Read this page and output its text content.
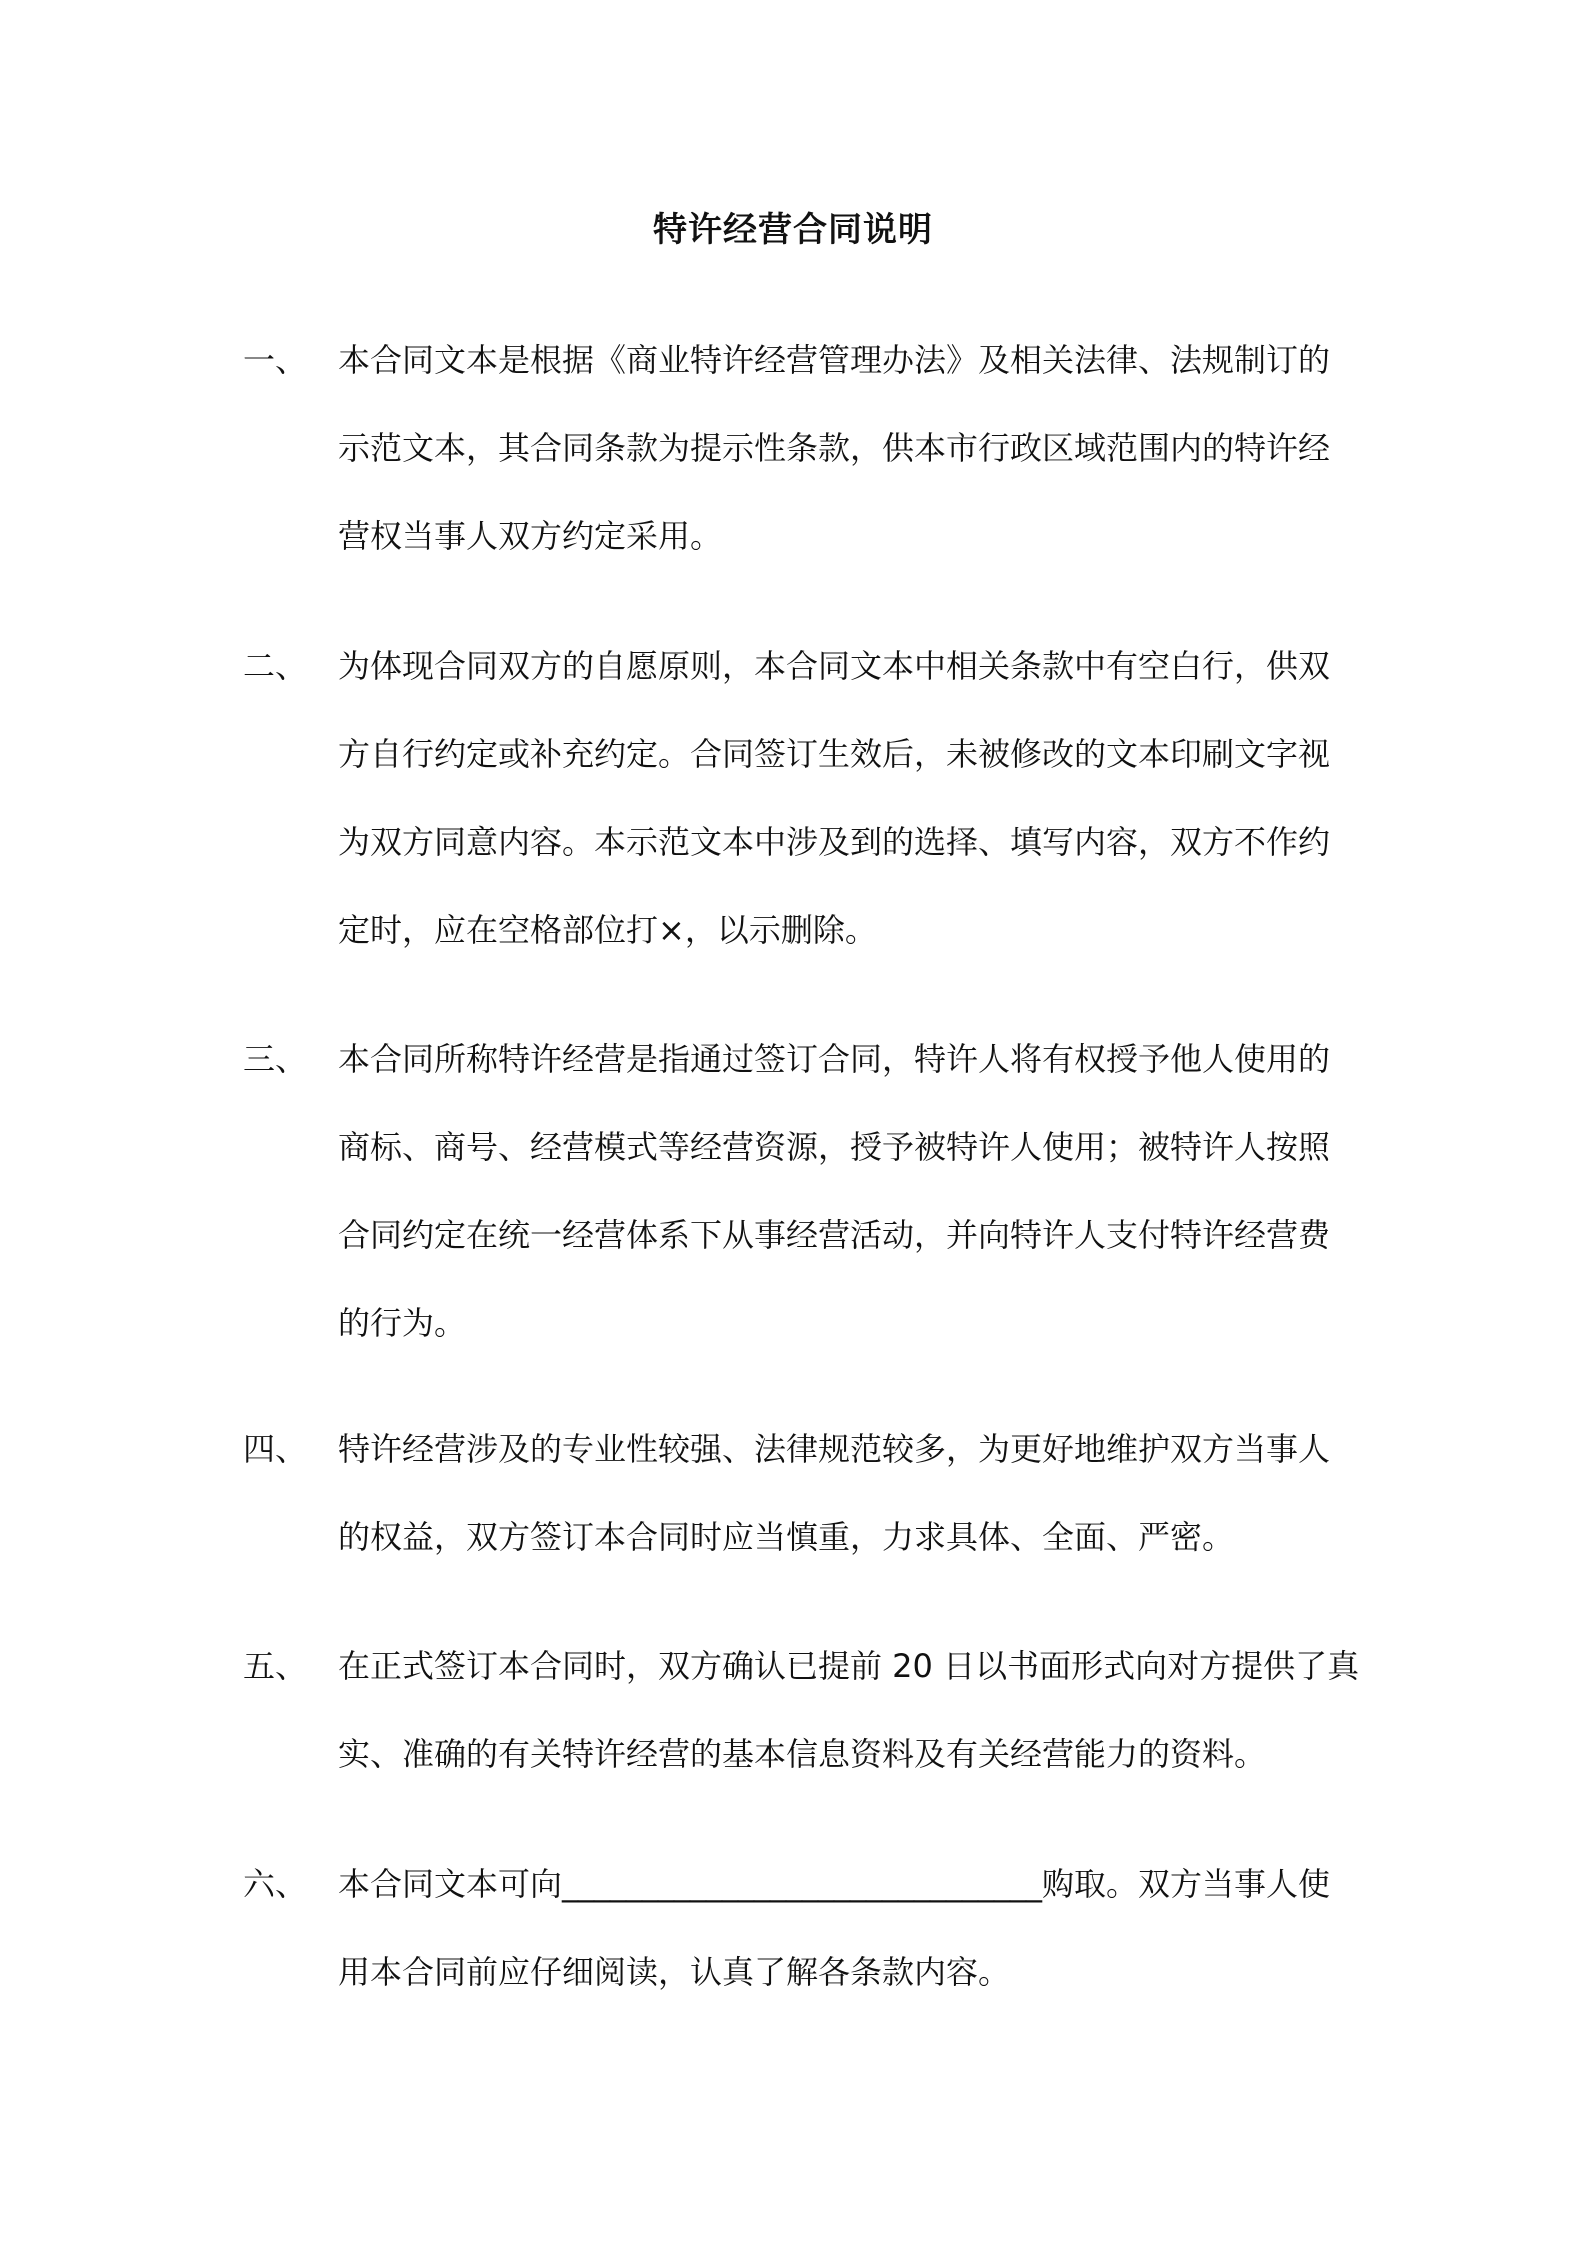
特许经营合同说明
一、 本合同文本是根据《商业特许经营管理办法》及相关法律、法规制订的
示范文本，其合同条款为提示性条款，供本市行政区域范围内的特许经
营权当事人双方约定采用。
二、 为体现合同双方的自愿原则，本合同文本中相关条款中有空白行，供双
方自行约定或补充约定。合同签订生效后，未被修改的文本印刷文字视
为双方同意内容。本示范文本中涉及到的选择、填写内容，双方不作约
定时，应在空格部位打×，以示删除。
三、 本合同所称特许经营是指通过签订合同，特许人将有权授予他人使用的
商标、商号、经营模式等经营资源，授予被特许人使用；被特许人按照
合同约定在统一经营体系下从事经营活动，并向特许人支付特许经营费
的行为。
四、 特许经营涉及的专业性较强、法律规范较多，为更好地维护双方当事人
的权益，双方签订本合同时应当慎重，力求具体、全面、严密。
五、 在正式签订本合同时，双方确认已提前 20 日以书面形式向对方提供了真
实、准确的有关特许经营的基本信息资料及有关经营能力的资料。
六、 本合同文本可向______________________________购取。双方当事人使
用本合同前应仔细阅读，认真了解各条款内容。
